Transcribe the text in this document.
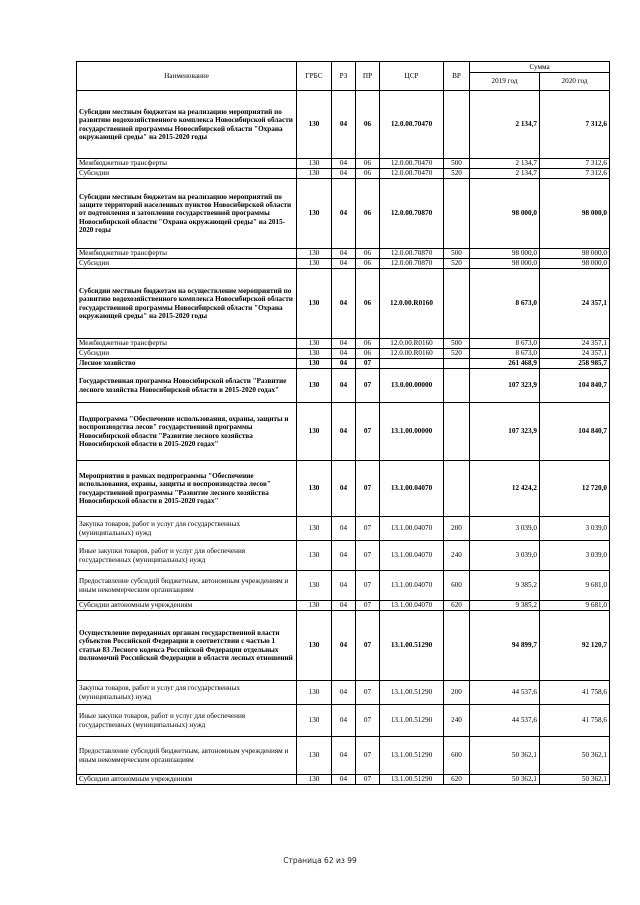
Наименование	ГРБС	РЗ	ПР	ЦСР	ВР	Сумма	
						2019 год	2020 год
Субсидии местным бюджетам на реализацию мероприятий по развитию водохозяйственного комплекса Новосибирской области государственной программы Новосибирской области "Охрана окружающей среды" на 2015-2020 годы	130	04	06	12.0.00.70470		2 134,7	7 312,6
Межбюджетные трансферты	130	04	06	12.0.00.70470	500	2 134,7	7 312,6
Субсидии	130	04	06	12.0.00.70470	520	2 134,7	7 312,6
Субсидии местным бюджетам на реализацию мероприятий по защите территорий населенных пунктов Новосибирской области от подтопления и затопления государственной программы Новосибирской области "Охрана окружающей среды" на 2015-2020 годы	130	04	06	12.0.00.70870		98 000,0	98 000,0
Межбюджетные трансферты	130	04	06	12.0.00.70870	500	98 000,0	98 000,0
Субсидии	130	04	06	12.0.00.70870	520	98 000,0	98 000,0
Субсидии местным бюджетам на осуществление мероприятий по развитию водохозяйственного комплекса Новосибирской области государственной программы Новосибирской области "Охрана окружающей среды" на 2015-2020 годы	130	04	06	12.0.00.R0160		8 673,0	24 357,1
Межбюджетные трансферты	130	04	06	12.0.00.R0160	500	8 673,0	24 357,1
Субсидии	130	04	06	12.0.00.R0160	520	8 673,0	24 357,1
Лесное хозяйство	130	04	07			261 468,9	258 985,7
Государственная программа Новосибирской области "Развитие лесного хозяйства Новосибирской области в 2015-2020 годах"	130	04	07	13.0.00.00000		107 323,9	104 840,7
Подпрограмма "Обеспечение использования, охраны, защиты и воспроизводства лесов" государственной программы Новосибирской области "Развитие лесного хозяйства Новосибирской области в 2015-2020 годах"	130	04	07	13.1.00.00000		107 323,9	104 840,7
Мероприятия в рамках подпрограммы "Обеспечение использования, охраны, защиты и воспроизводства лесов" государственной программы "Развитие лесного хозяйства Новосибирской области в 2015-2020 годах"	130	04	07	13.1.00.04070		12 424,2	12 720,0
Закупка товаров, работ и услуг для государственных (муниципальных) нужд	130	04	07	13.1.00.04070	200	3 039,0	3 039,0
Иные закупки товаров, работ и услуг для обеспечения государственных (муниципальных) нужд	130	04	07	13.1.00.04070	240	3 039,0	3 039,0
Предоставление субсидий бюджетным, автономным учреждениям и иным некоммерческим организациям	130	04	07	13.1.00.04070	600	9 385,2	9 681,0
Субсидии автономным учреждениям	130	04	07	13.1.00.04070	620	9 385,2	9 681,0
Осуществление переданных органам государственной власти субъектов Российской Федерации в соответствии с частью 1 статьи 83 Лесного кодекса Российской Федерации отдельных полномочий Российской Федерации в области лесных отношений	130	04	07	13.1.00.51290		94 899,7	92 120,7
Закупка товаров, работ и услуг для государственных (муниципальных) нужд	130	04	07	13.1.00.51290	200	44 537,6	41 758,6
Иные закупки товаров, работ и услуг для обеспечения государственных (муниципальных) нужд	130	04	07	13.1.00.51290	240	44 537,6	41 758,6
Предоставление субсидий бюджетным, автономным учреждениям и иным некоммерческим организациям	130	04	07	13.1.00.51290	600	50 362,1	50 362,1
Субсидии автономным учреждениям	130	04	07	13.1.00.51290	620	50 362,1	50 362,1
Страница 62 из 99
